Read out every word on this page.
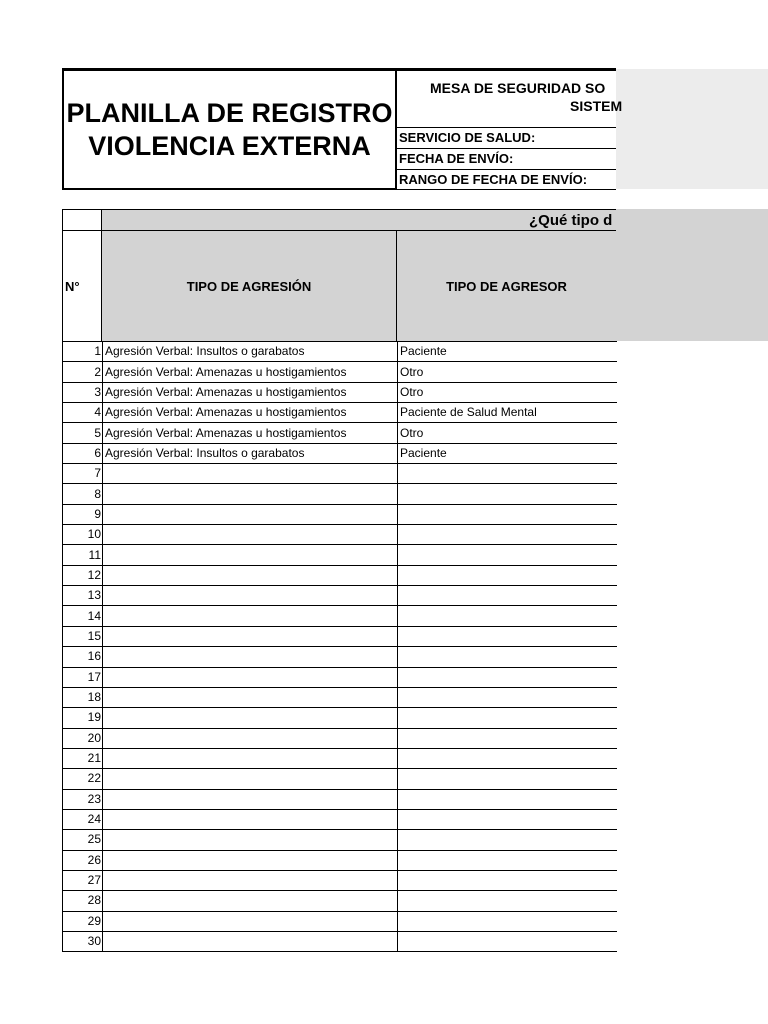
PLANILLA DE REGISTRO
VIOLENCIA EXTERNA
MESA DE SEGURIDAD SO
SISTEM
SERVICIO DE SALUD:
FECHA DE ENVÍO:
RANGO DE FECHA DE ENVÍO:
¿Qué tipo d
N°	TIPO DE AGRESIÓN	TIPO DE AGRESOR
1	Agresión Verbal: Insultos o garabatos	Paciente
2	Agresión Verbal: Amenazas u hostigamientos	Otro
3	Agresión Verbal: Amenazas u hostigamientos	Otro
4	Agresión Verbal: Amenazas u hostigamientos	Paciente de Salud Mental
5	Agresión Verbal: Amenazas u hostigamientos	Otro
6	Agresión Verbal: Insultos o garabatos	Paciente
7		
8		
9		
10		
11		
12		
13		
14		
15		
16		
17		
18		
19		
20		
21		
22		
23		
24		
25		
26		
27		
28		
29		
30		
